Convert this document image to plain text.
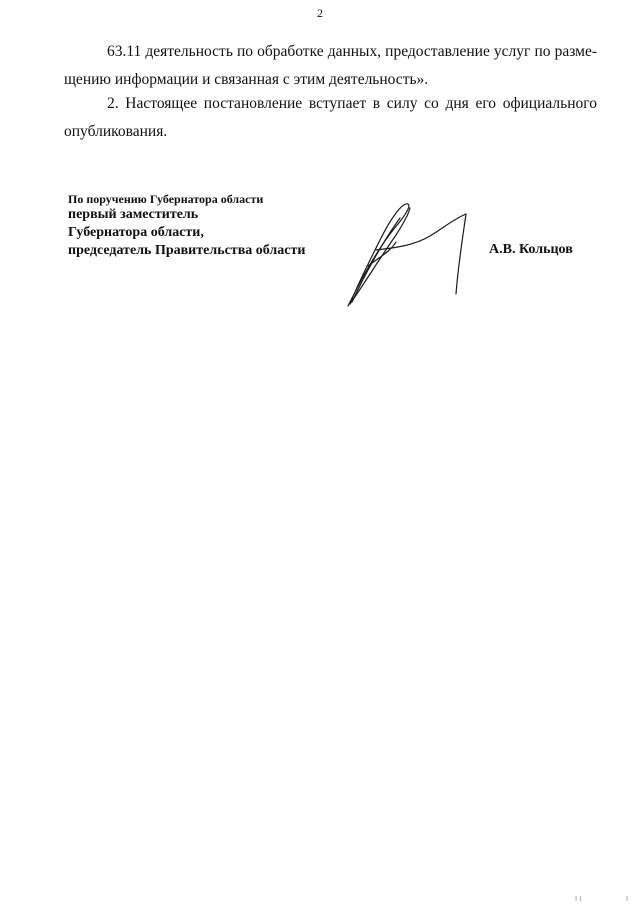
2

63.11 деятельность по обработке данных, предоставление услуг по разме-
щению информации и связанная с этим деятельность».

2. Настоящее постановление вступает в силу со дня его официального
опубликования.

По поручению Губернатора области
первый заместитель
Губернатора области,
председатель Правительства области	А.В. Кольцов
I I	I
